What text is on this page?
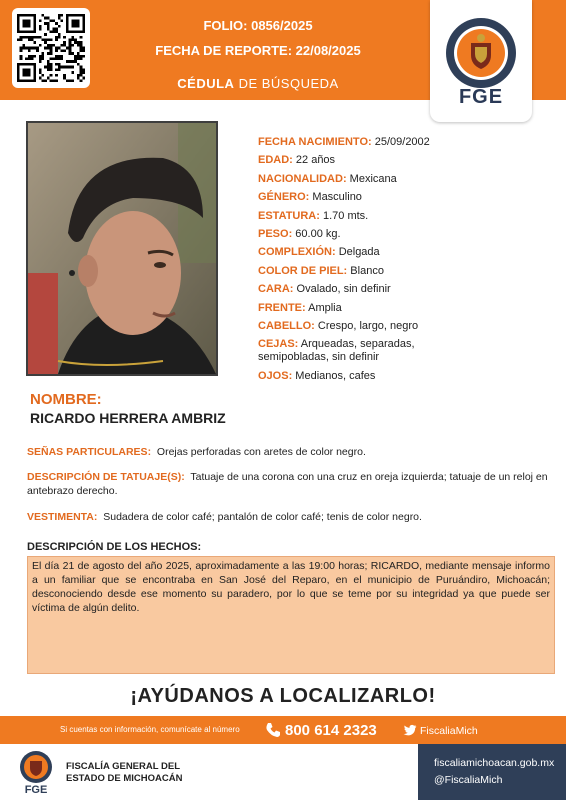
FOLIO: 0856/2025
FECHA DE REPORTE: 22/08/2025
CÉDULA DE BÚSQUEDA
FGE
FECHA NACIMIENTO: 25/09/2002
EDAD: 22 años
NACIONALIDAD: Mexicana
GÉNERO: Masculino
ESTATURA: 1.70 mts.
PESO: 60.00 kg.
COMPLEXIÓN: Delgada
COLOR DE PIEL: Blanco
CARA: Ovalado, sin definir
FRENTE: Amplia
CABELLO: Crespo, largo, negro
CEJAS: Arqueadas, separadas, semipobladas, sin definir
OJOS: Medianos, cafes
NOMBRE:
RICARDO HERRERA AMBRIZ
SEÑAS PARTICULARES: Orejas perforadas con aretes de color negro.
DESCRIPCIÓN DE TATUAJE(S): Tatuaje de una corona con una cruz en oreja izquierda; tatuaje de un reloj en antebrazo derecho.
VESTIMENTA: Sudadera de color café; pantalón de color café; tenis de color negro.
DESCRIPCIÓN DE LOS HECHOS:
El día 21 de agosto del año 2025, aproximadamente a las 19:00 horas; RICARDO, mediante mensaje informo a un familiar que se encontraba en San José del Reparo, en el municipio de Puruándiro, Michoacán; desconociendo desde ese momento su paradero, por lo que se teme por su integridad ya que puede ser víctima de algún delito.
¡AYÚDANOS A LOCALIZARLO!
Si cuentas con información, comunícate al número	800 614 2323	FiscaliaMich
FGE
FISCALÍA GENERAL DEL
ESTADO DE MICHOACÁN
fiscaliamichoacan.gob.mx
@FiscaliaMich
